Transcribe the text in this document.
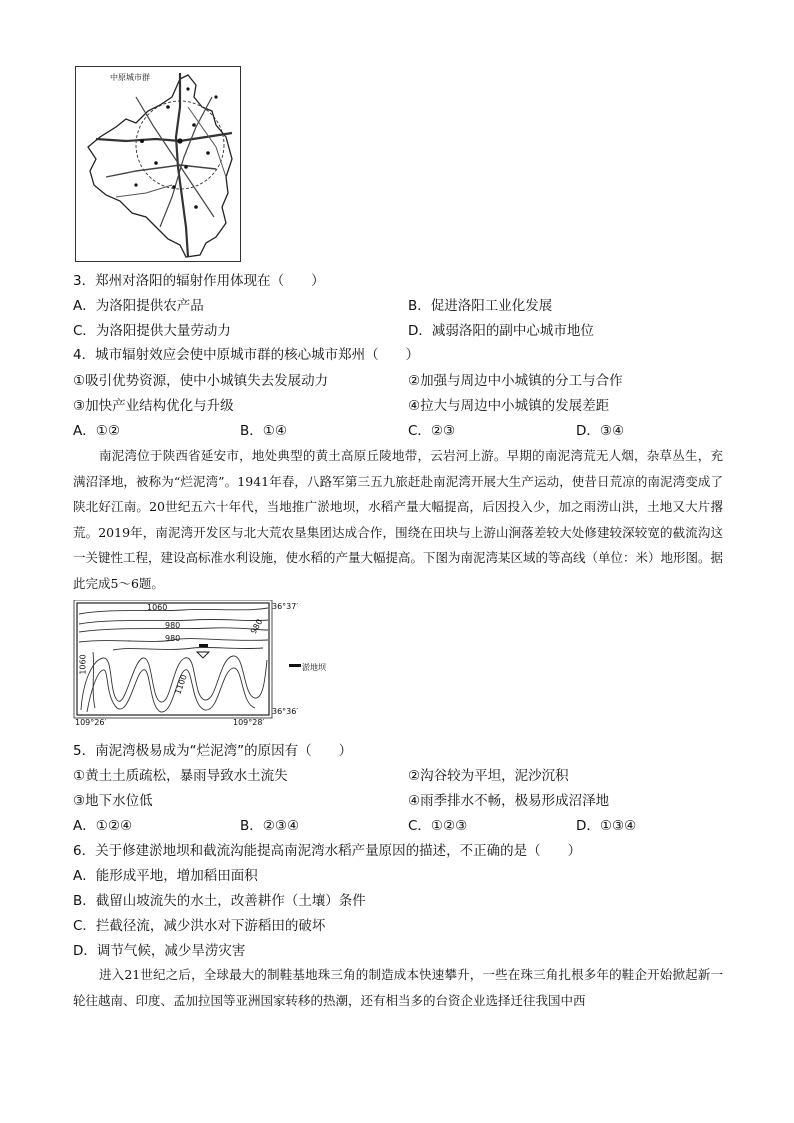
中原城市群
3．郑州对洛阳的辐射作用体现在（　　）
A．为洛阳提供农产品	B．促进洛阳工业化发展
C．为洛阳提供大量劳动力	D．减弱洛阳的副中心城市地位
4．城市辐射效应会使中原城市群的核心城市郑州（　　）
①吸引优势资源，使中小城镇失去发展动力	②加强与周边中小城镇的分工与合作
③加快产业结构优化与升级	④拉大与周边中小城镇的发展差距
A．①②	B．①④	C．②③	D．③④

南泥湾位于陕西省延安市，地处典型的黄土高原丘陵地带，云岩河上游。早期的南泥湾荒无人烟，杂草丛生，充满沼泽地，被称为“烂泥湾”。1941年春，八路军第三五九旅赶赴南泥湾开展大生产运动，使昔日荒凉的南泥湾变成了陕北好江南。20世纪五六十年代，当地推广淤地坝，水稻产量大幅提高，后因投入少，加之雨涝山洪，土地又大片撂荒。2019年，南泥湾开发区与北大荒农垦集团达成合作，围绕在田块与上游山涧落差较大处修建较深较宽的截流沟这一关键性工程，建设高标准水利设施，使水稻的产量大幅提高。下图为南泥湾某区域的等高线（单位：米）地形图。据此完成5～6题。

1060
980
980
1100
1060
980
淤地坝
36°37′
36°36′
109°26′	109°28′
5．南泥湾极易成为“烂泥湾”的原因有（　　）
①黄土土质疏松，暴雨导致水土流失	②沟谷较为平坦，泥沙沉积
③地下水位低	④雨季排水不畅，极易形成沼泽地
A．①②④	B．②③④	C．①②③	D．①③④
6．关于修建淤地坝和截流沟能提高南泥湾水稻产量原因的描述，不正确的是（　　）
A．能形成平地，增加稻田面积
B．截留山坡流失的水土，改善耕作（土壤）条件
C．拦截径流，减少洪水对下游稻田的破坏
D．调节气候，减少旱涝灾害

进入21世纪之后，全球最大的制鞋基地珠三角的制造成本快速攀升，一些在珠三角扎根多年的鞋企开始掀起新一轮往越南、印度、孟加拉国等亚洲国家转移的热潮，还有相当多的台资企业选择迁往我国中西
